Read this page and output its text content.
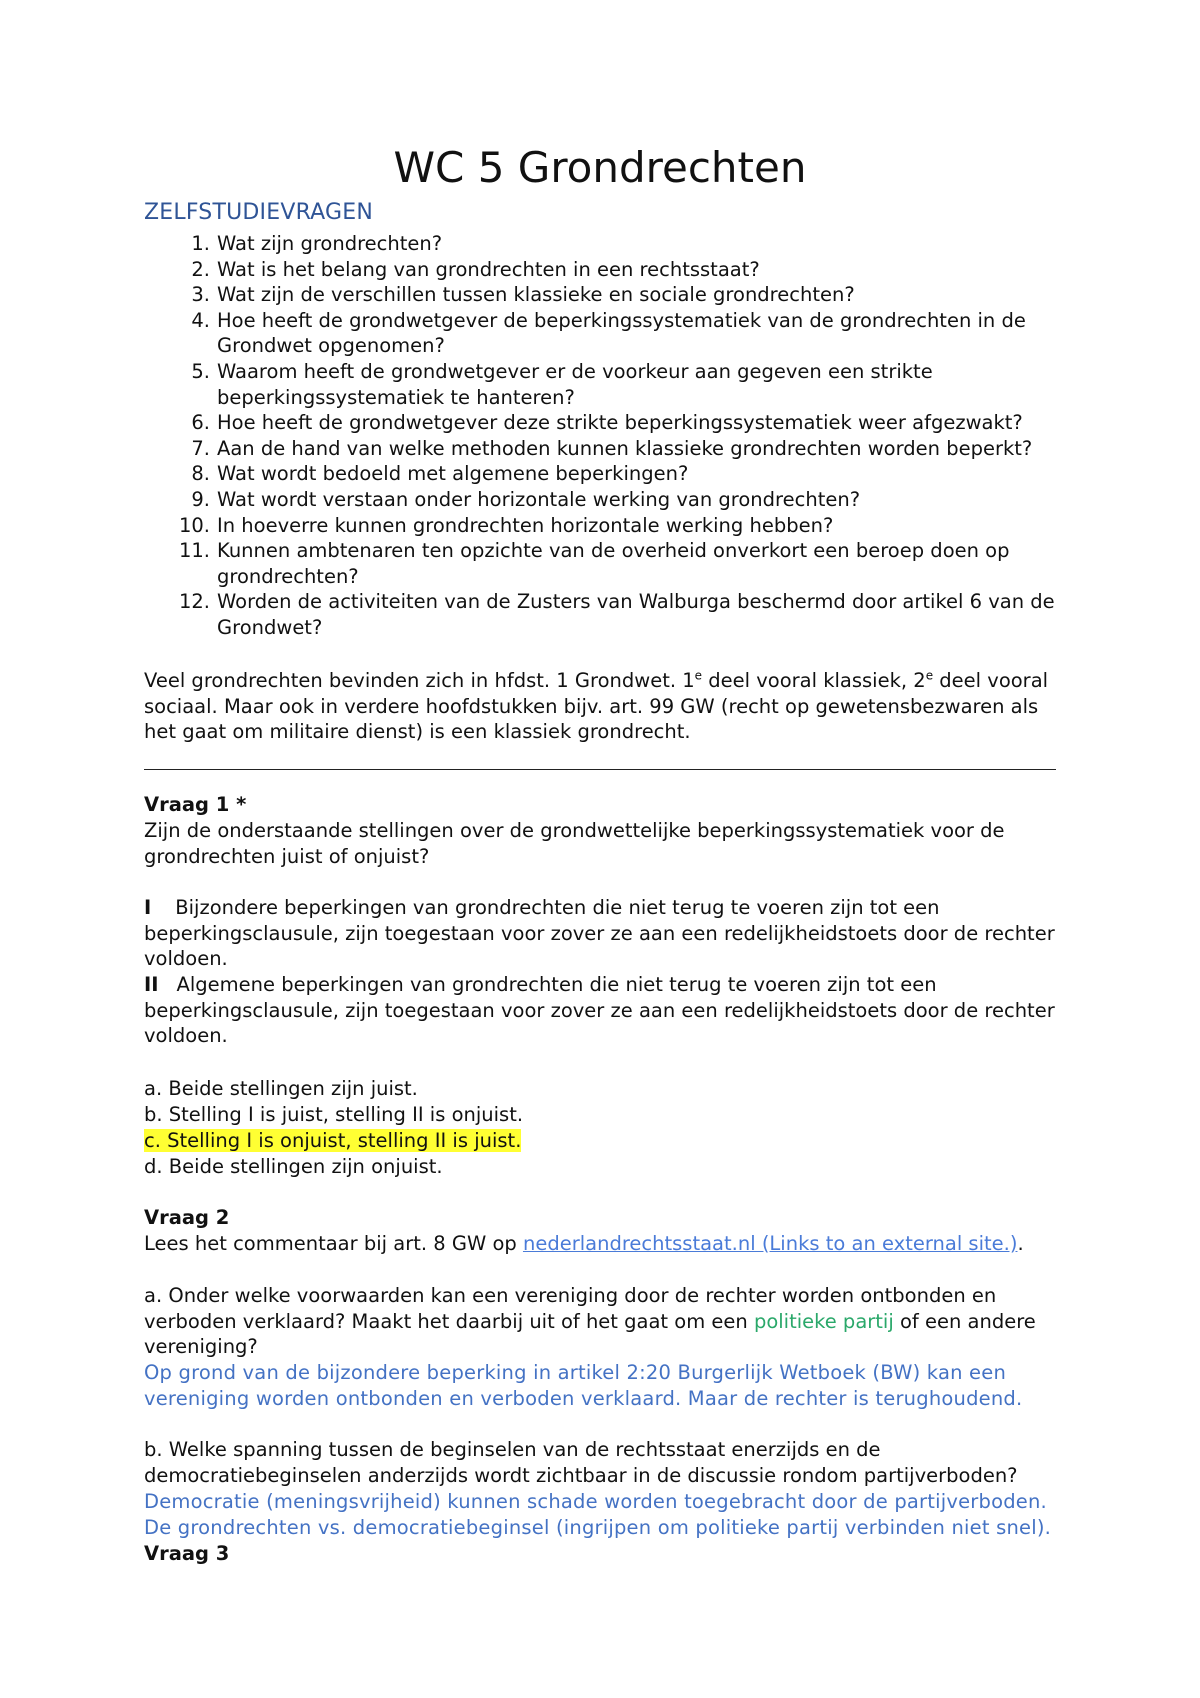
WC 5 Grondrechten
ZELFSTUDIEVRAGEN
1. Wat zijn grondrechten?
2. Wat is het belang van grondrechten in een rechtsstaat?
3. Wat zijn de verschillen tussen klassieke en sociale grondrechten?
4. Hoe heeft de grondwetgever de beperkingssystematiek van de grondrechten in de Grondwet opgenomen?
5. Waarom heeft de grondwetgever er de voorkeur aan gegeven een strikte beperkingssystematiek te hanteren?
6. Hoe heeft de grondwetgever deze strikte beperkingssystematiek weer afgezwakt?
7. Aan de hand van welke methoden kunnen klassieke grondrechten worden beperkt?
8. Wat wordt bedoeld met algemene beperkingen?
9. Wat wordt verstaan onder horizontale werking van grondrechten?
10. In hoeverre kunnen grondrechten horizontale werking hebben?
11. Kunnen ambtenaren ten opzichte van de overheid onverkort een beroep doen op grondrechten?
12. Worden de activiteiten van de Zusters van Walburga beschermd door artikel 6 van de Grondwet?

Veel grondrechten bevinden zich in hfdst. 1 Grondwet. 1e deel vooral klassiek, 2e deel vooral sociaal. Maar ook in verdere hoofdstukken bijv. art. 99 GW (recht op gewetensbezwaren als het gaat om militaire dienst) is een klassiek grondrecht.

Vraag 1 *

Zijn de onderstaande stellingen over de grondwettelijke beperkingssystematiek voor de grondrechten juist of onjuist?

I Bijzondere beperkingen van grondrechten die niet terug te voeren zijn tot een beperkingsclausule, zijn toegestaan voor zover ze aan een redelijkheidstoets door de rechter voldoen.

II Algemene beperkingen van grondrechten die niet terug te voeren zijn tot een beperkingsclausule, zijn toegestaan voor zover ze aan een redelijkheidstoets door de rechter voldoen.

a. Beide stellingen zijn juist.

b. Stelling I is juist, stelling II is onjuist.

c. Stelling I is onjuist, stelling II is juist.

d. Beide stellingen zijn onjuist.

Vraag 2

Lees het commentaar bij art. 8 GW op nederlandrechtsstaat.nl (Links to an external site.).

a. Onder welke voorwaarden kan een vereniging door de rechter worden ontbonden en verboden verklaard? Maakt het daarbij uit of het gaat om een politieke partij of een andere vereniging?

Op grond van de bijzondere beperking in artikel 2:20 Burgerlijk Wetboek (BW) kan een vereniging worden ontbonden en verboden verklaard. Maar de rechter is terughoudend.

b. Welke spanning tussen de beginselen van de rechtsstaat enerzijds en de democratiebeginselen anderzijds wordt zichtbaar in de discussie rondom partijverboden?

Democratie (meningsvrijheid) kunnen schade worden toegebracht door de partijverboden.

De grondrechten vs. democratiebeginsel (ingrijpen om politieke partij verbinden niet snel).

Vraag 3
